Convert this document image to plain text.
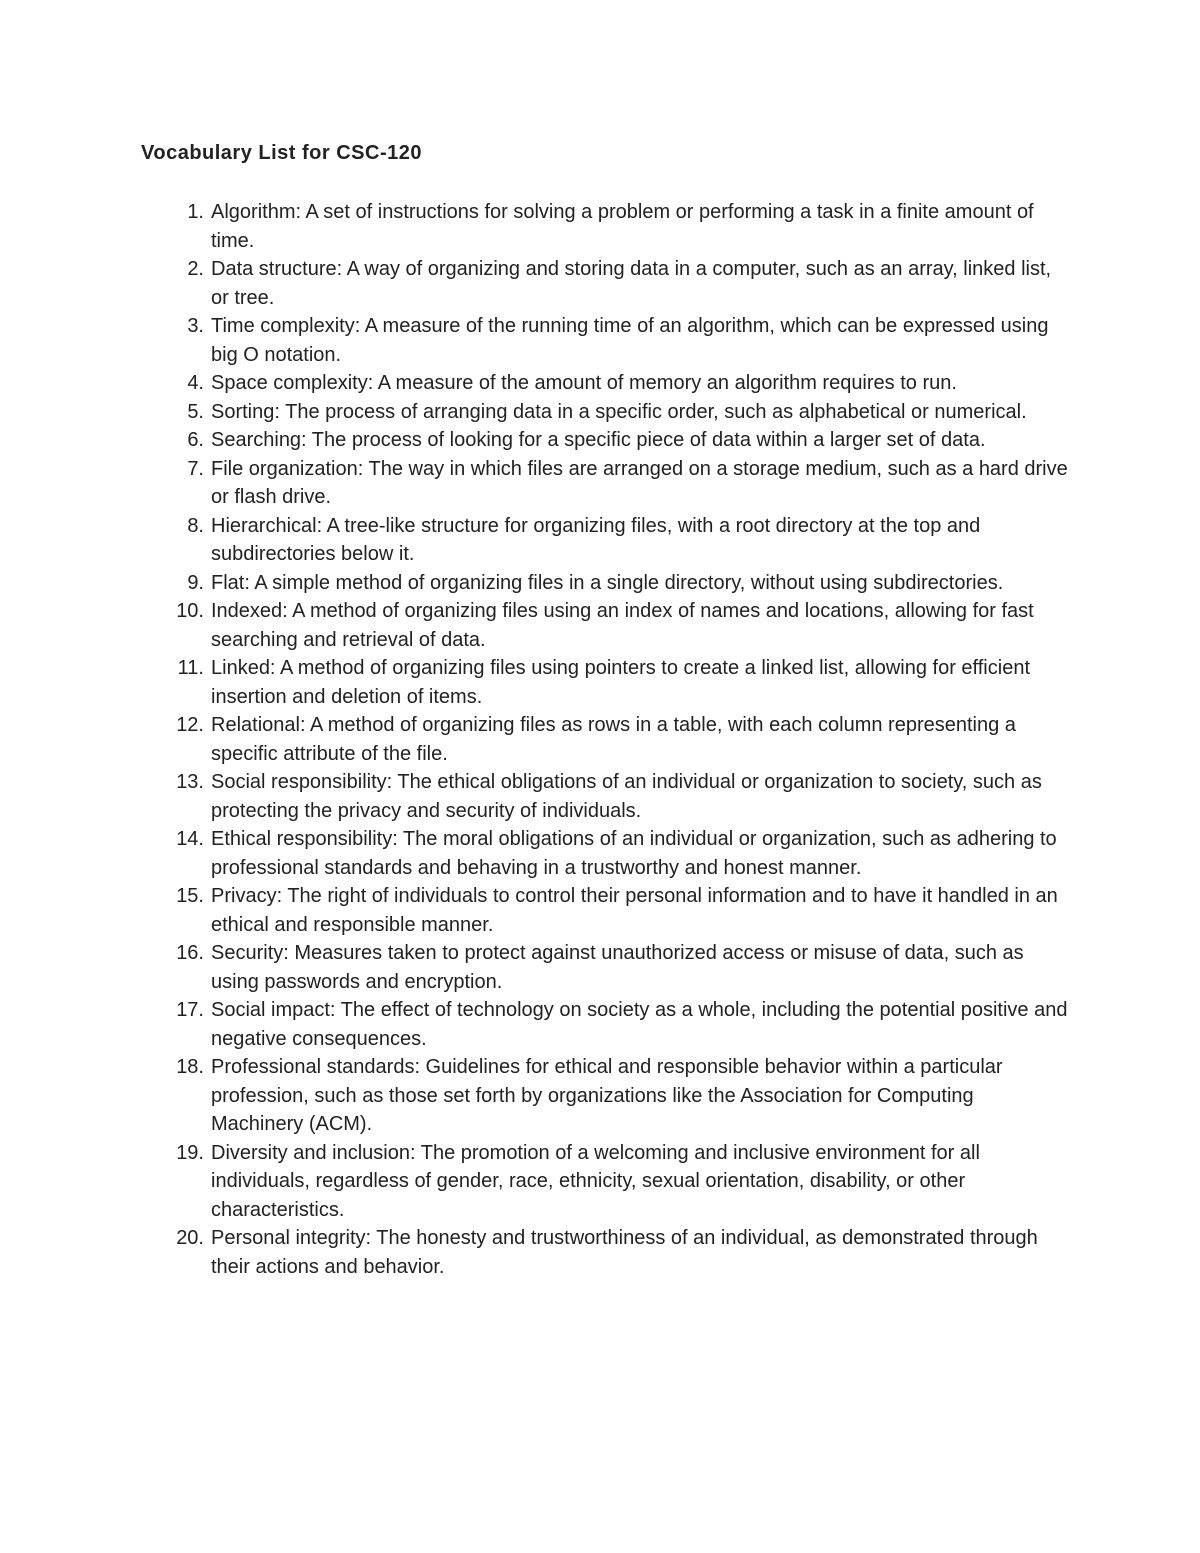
Vocabulary List for CSC-120
1. Algorithm: A set of instructions for solving a problem or performing a task in a finite amount of time.
2. Data structure: A way of organizing and storing data in a computer, such as an array, linked list, or tree.
3. Time complexity: A measure of the running time of an algorithm, which can be expressed using big O notation.
4. Space complexity: A measure of the amount of memory an algorithm requires to run.
5. Sorting: The process of arranging data in a specific order, such as alphabetical or numerical.
6. Searching: The process of looking for a specific piece of data within a larger set of data.
7. File organization: The way in which files are arranged on a storage medium, such as a hard drive or flash drive.
8. Hierarchical: A tree-like structure for organizing files, with a root directory at the top and subdirectories below it.
9. Flat: A simple method of organizing files in a single directory, without using subdirectories.
10. Indexed: A method of organizing files using an index of names and locations, allowing for fast searching and retrieval of data.
11. Linked: A method of organizing files using pointers to create a linked list, allowing for efficient insertion and deletion of items.
12. Relational: A method of organizing files as rows in a table, with each column representing a specific attribute of the file.
13. Social responsibility: The ethical obligations of an individual or organization to society, such as protecting the privacy and security of individuals.
14. Ethical responsibility: The moral obligations of an individual or organization, such as adhering to professional standards and behaving in a trustworthy and honest manner.
15. Privacy: The right of individuals to control their personal information and to have it handled in an ethical and responsible manner.
16. Security: Measures taken to protect against unauthorized access or misuse of data, such as using passwords and encryption.
17. Social impact: The effect of technology on society as a whole, including the potential positive and negative consequences.
18. Professional standards: Guidelines for ethical and responsible behavior within a particular profession, such as those set forth by organizations like the Association for Computing Machinery (ACM).
19. Diversity and inclusion: The promotion of a welcoming and inclusive environment for all individuals, regardless of gender, race, ethnicity, sexual orientation, disability, or other characteristics.
20. Personal integrity: The honesty and trustworthiness of an individual, as demonstrated through their actions and behavior.
